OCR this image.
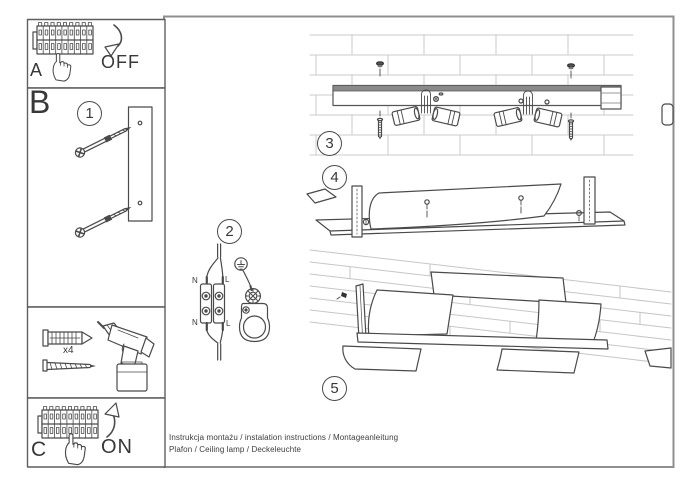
A	OFF
B	1
2
3
4
5
N	L
N	L
x4
C	ON	Instrukcja montażu / instalation instructions / Montageanleitung
Plafon / Ceiling lamp / Deckeleuchte
